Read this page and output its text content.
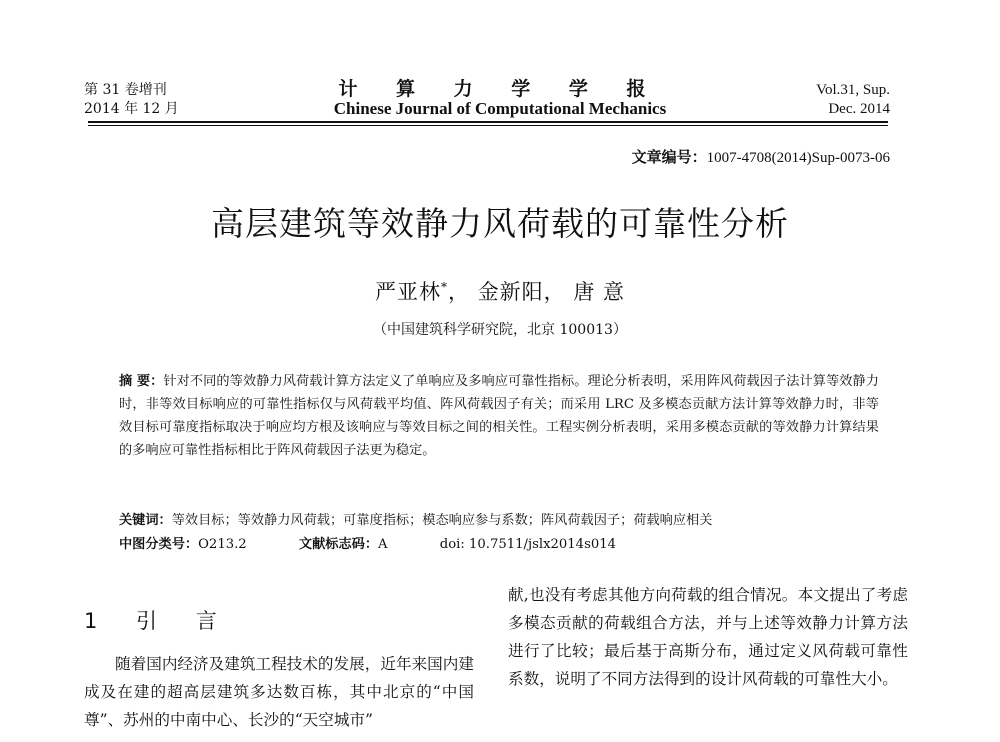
第 31 卷增刊
2014 年 12 月
计 算 力 学 学 报
Chinese Journal of Computational Mechanics
Vol.31, Sup.
Dec. 2014
文章编号：1007-4708(2014)Sup-0073-06
高层建筑等效静力风荷载的可靠性分析
严亚林*， 金新阳， 唐 意
（中国建筑科学研究院，北京 100013）
摘 要：针对不同的等效静力风荷载计算方法定义了单响应及多响应可靠性指标。理论分析表明，采用阵风荷载因子法计算等效静力时，非等效目标响应的可靠性指标仅与风荷载平均值、阵风荷载因子有关；而采用 LRC 及多模态贡献方法计算等效静力时，非等效目标可靠度指标取决于响应均方根及该响应与等效目标之间的相关性。工程实例分析表明，采用多模态贡献的等效静力计算结果的多响应可靠性指标相比于阵风荷载因子法更为稳定。
关键词：等效目标；等效静力风荷载；可靠度指标；模态响应参与系数；阵风荷载因子；荷载响应相关
中图分类号：O213.2	文献标志码：A	doi: 10.7511/jslx2014s014
1 引 言

随着国内经济及建筑工程技术的发展，近年来国内建成及在建的超高层建筑多达数百栋，其中北京的“中国尊”、苏州的中南中心、长沙的“天空城市”

献,也没有考虑其他方向荷载的组合情况。本文提出了考虑多模态贡献的荷载组合方法，并与上述等效静力计算方法进行了比较；最后基于高斯分布，通过定义风荷载可靠性系数，说明了不同方法得到的设计风荷载的可靠性大小。
